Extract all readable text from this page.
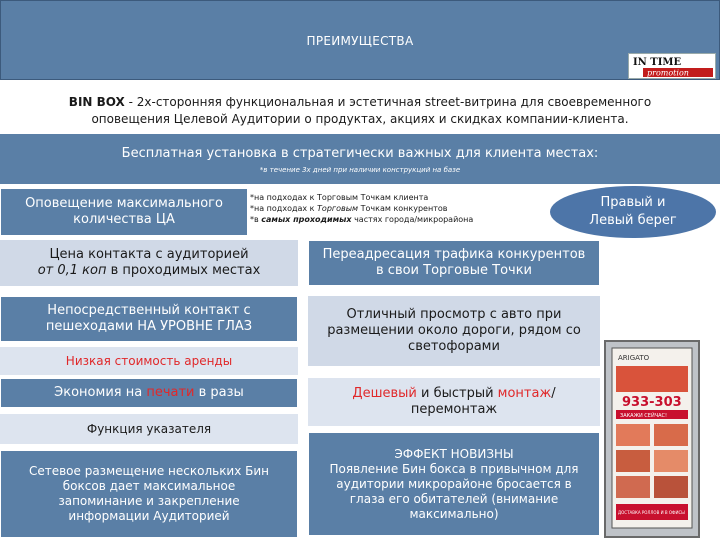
ПРЕИМУЩЕСТВА
IN TIME
promotion
BIN BOX - 2х-сторонняя функциональная и эстетичная street-витрина для своевременного оповещения Целевой Аудитории о продуктах, акциях и скидках компании-клиента.
Бесплатная установка в стратегически важных для клиента местах:
*в течение 3х дней при наличии конструкций на базе
Оповещение максимального количества ЦА
*на подходах к Торговым Точкам клиента
*на подходах к Торговым Точкам конкурентов
*в самых проходимых частях города/микрорайона
Правый и
Левый берег
Цена контакта с аудиторией
от 0,1 коп в проходимых местах
Непосредственный контакт с пешеходами НА УРОВНЕ ГЛАЗ
Низкая стоимость аренды
Экономия на печати в разы
Функция указателя
Сетевое размещение нескольких Бин боксов дает максимальное запоминание и закрепление информации Аудиторией
Переадресация трафика конкурентов в свои Торговые Точки
Отличный просмотр с авто при размещении около дороги, рядом со светофорами
Дешевый и быстрый монтаж/перемонтаж
ЭФФЕКТ НОВИЗНЫ
Появление Бин бокса в привычном для аудитории микрорайоне бросается в глаза его обитателей (внимание максимально)
ARIGATO
933-303
ЗАКАЖИ СЕЙЧАС!
ДОСТАВКА РОЛЛОВ И В ОФИСЫ
